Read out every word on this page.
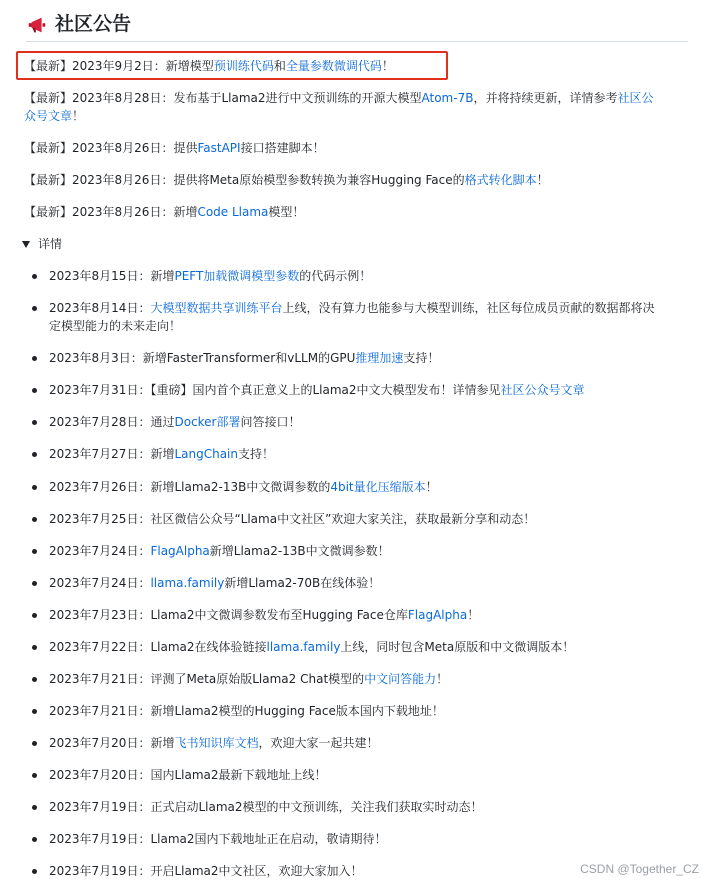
社区公告
【最新】2023年9月2日：新增模型预训练代码和全量参数微调代码！
【最新】2023年8月28日：发布基于Llama2进行中文预训练的开源大模型Atom-7B，并将持续更新，详情参考社区公
众号文章！
【最新】2023年8月26日：提供FastAPI接口搭建脚本！
【最新】2023年8月26日：提供将Meta原始模型参数转换为兼容Hugging Face的格式转化脚本！
【最新】2023年8月26日：新增Code Llama模型！
详情
2023年8月15日：新增PEFT加载微调模型参数的代码示例！
2023年8月14日：大模型数据共享训练平台上线，没有算力也能参与大模型训练，社区每位成员贡献的数据都将决
定模型能力的未来走向！
2023年8月3日：新增FasterTransformer和vLLM的GPU推理加速支持！
2023年7月31日：【重磅】国内首个真正意义上的Llama2中文大模型发布！详情参见社区公众号文章
2023年7月28日：通过Docker部署问答接口！
2023年7月27日：新增LangChain支持！
2023年7月26日：新增Llama2-13B中文微调参数的4bit量化压缩版本！
2023年7月25日：社区微信公众号“Llama中文社区”欢迎大家关注，获取最新分享和动态！
2023年7月24日：FlagAlpha新增Llama2-13B中文微调参数！
2023年7月24日：llama.family新增Llama2-70B在线体验！
2023年7月23日：Llama2中文微调参数发布至Hugging Face仓库FlagAlpha！
2023年7月22日：Llama2在线体验链接llama.family上线，同时包含Meta原版和中文微调版本！
2023年7月21日：评测了Meta原始版Llama2 Chat模型的中文问答能力！
2023年7月21日：新增Llama2模型的Hugging Face版本国内下载地址！
2023年7月20日：新增飞书知识库文档，欢迎大家一起共建！
2023年7月20日：国内Llama2最新下载地址上线！
2023年7月19日：正式启动Llama2模型的中文预训练，关注我们获取实时动态！
2023年7月19日：Llama2国内下载地址正在启动，敬请期待！
2023年7月19日：开启Llama2中文社区，欢迎大家加入！	CSDN @Together_CZ
